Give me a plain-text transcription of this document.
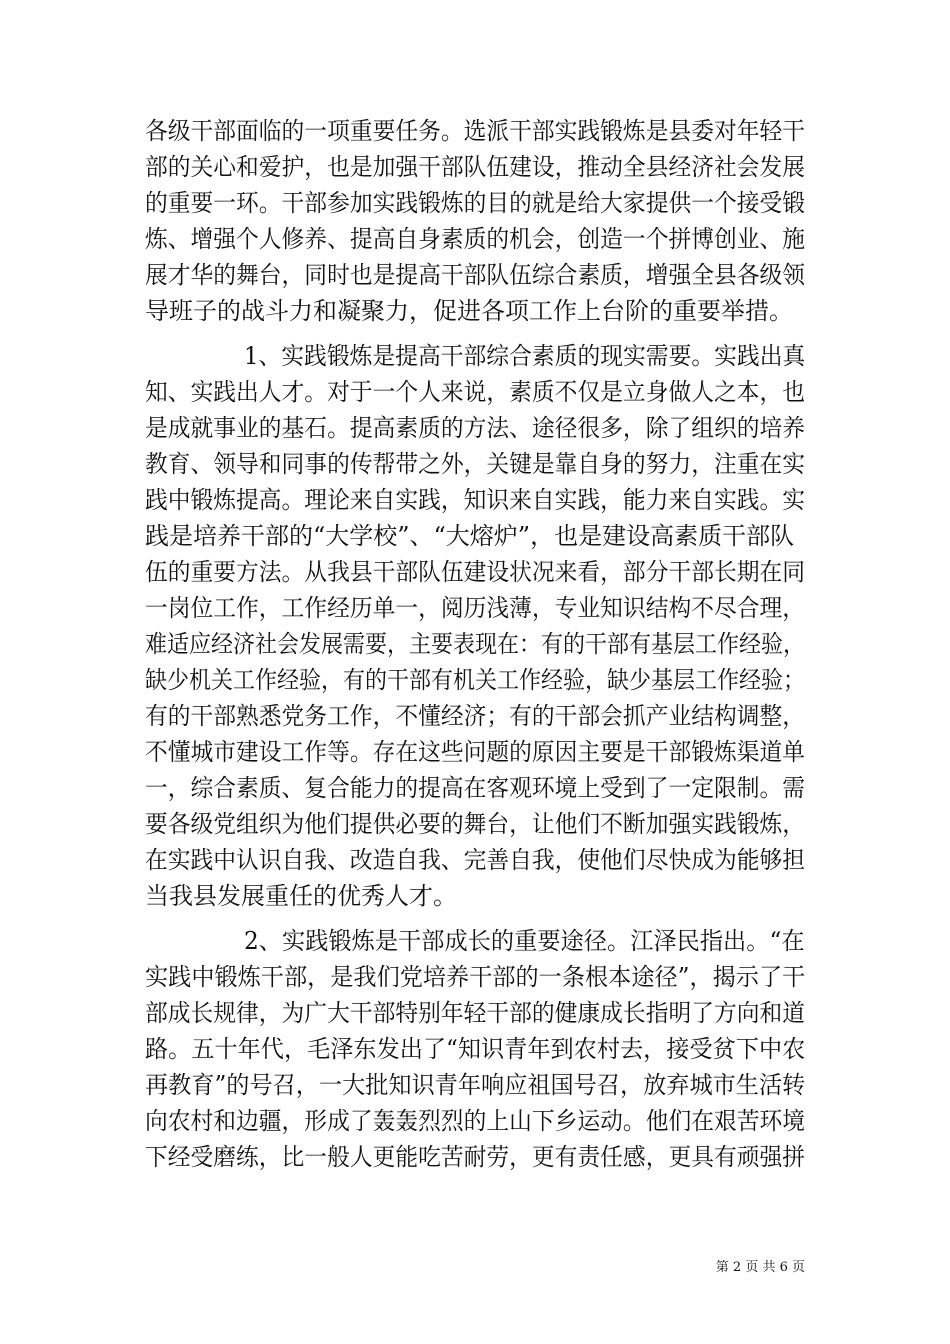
各级干部面临的一项重要任务。选派干部实践锻炼是县委对年轻干
部的关心和爱护，也是加强干部队伍建设，推动全县经济社会发展
的重要一环。干部参加实践锻炼的目的就是给大家提供一个接受锻
炼、增强个人修养、提高自身素质的机会，创造一个拼博创业、施
展才华的舞台，同时也是提高干部队伍综合素质，增强全县各级领
导班子的战斗力和凝聚力，促进各项工作上台阶的重要举措。
1、实践锻炼是提高干部综合素质的现实需要。实践出真
知、实践出人才。对于一个人来说，素质不仅是立身做人之本，也
是成就事业的基石。提高素质的方法、途径很多，除了组织的培养
教育、领导和同事的传帮带之外，关键是靠自身的努力，注重在实
践中锻炼提高。理论来自实践，知识来自实践，能力来自实践。实
践是培养干部的“大学校”、“大熔炉”，也是建设高素质干部队
伍的重要方法。从我县干部队伍建设状况来看，部分干部长期在同
一岗位工作，工作经历单一，阅历浅薄，专业知识结构不尽合理，
难适应经济社会发展需要，主要表现在：有的干部有基层工作经验，
缺少机关工作经验，有的干部有机关工作经验，缺少基层工作经验；
有的干部熟悉党务工作，不懂经济；有的干部会抓产业结构调整，
不懂城市建设工作等。存在这些问题的原因主要是干部锻炼渠道单
一，综合素质、复合能力的提高在客观环境上受到了一定限制。需
要各级党组织为他们提供必要的舞台，让他们不断加强实践锻炼，
在实践中认识自我、改造自我、完善自我，使他们尽快成为能够担
当我县发展重任的优秀人才。
2、实践锻炼是干部成长的重要途径。江泽民指出。“在
实践中锻炼干部，是我们党培养干部的一条根本途径”，揭示了干
部成长规律，为广大干部特别年轻干部的健康成长指明了方向和道
路。五十年代，毛泽东发出了“知识青年到农村去，接受贫下中农
再教育”的号召，一大批知识青年响应祖国号召，放弃城市生活转
向农村和边疆，形成了轰轰烈烈的上山下乡运动。他们在艰苦环境
下经受磨练，比一般人更能吃苦耐劳，更有责任感，更具有顽强拼
第 2 页 共 6 页
